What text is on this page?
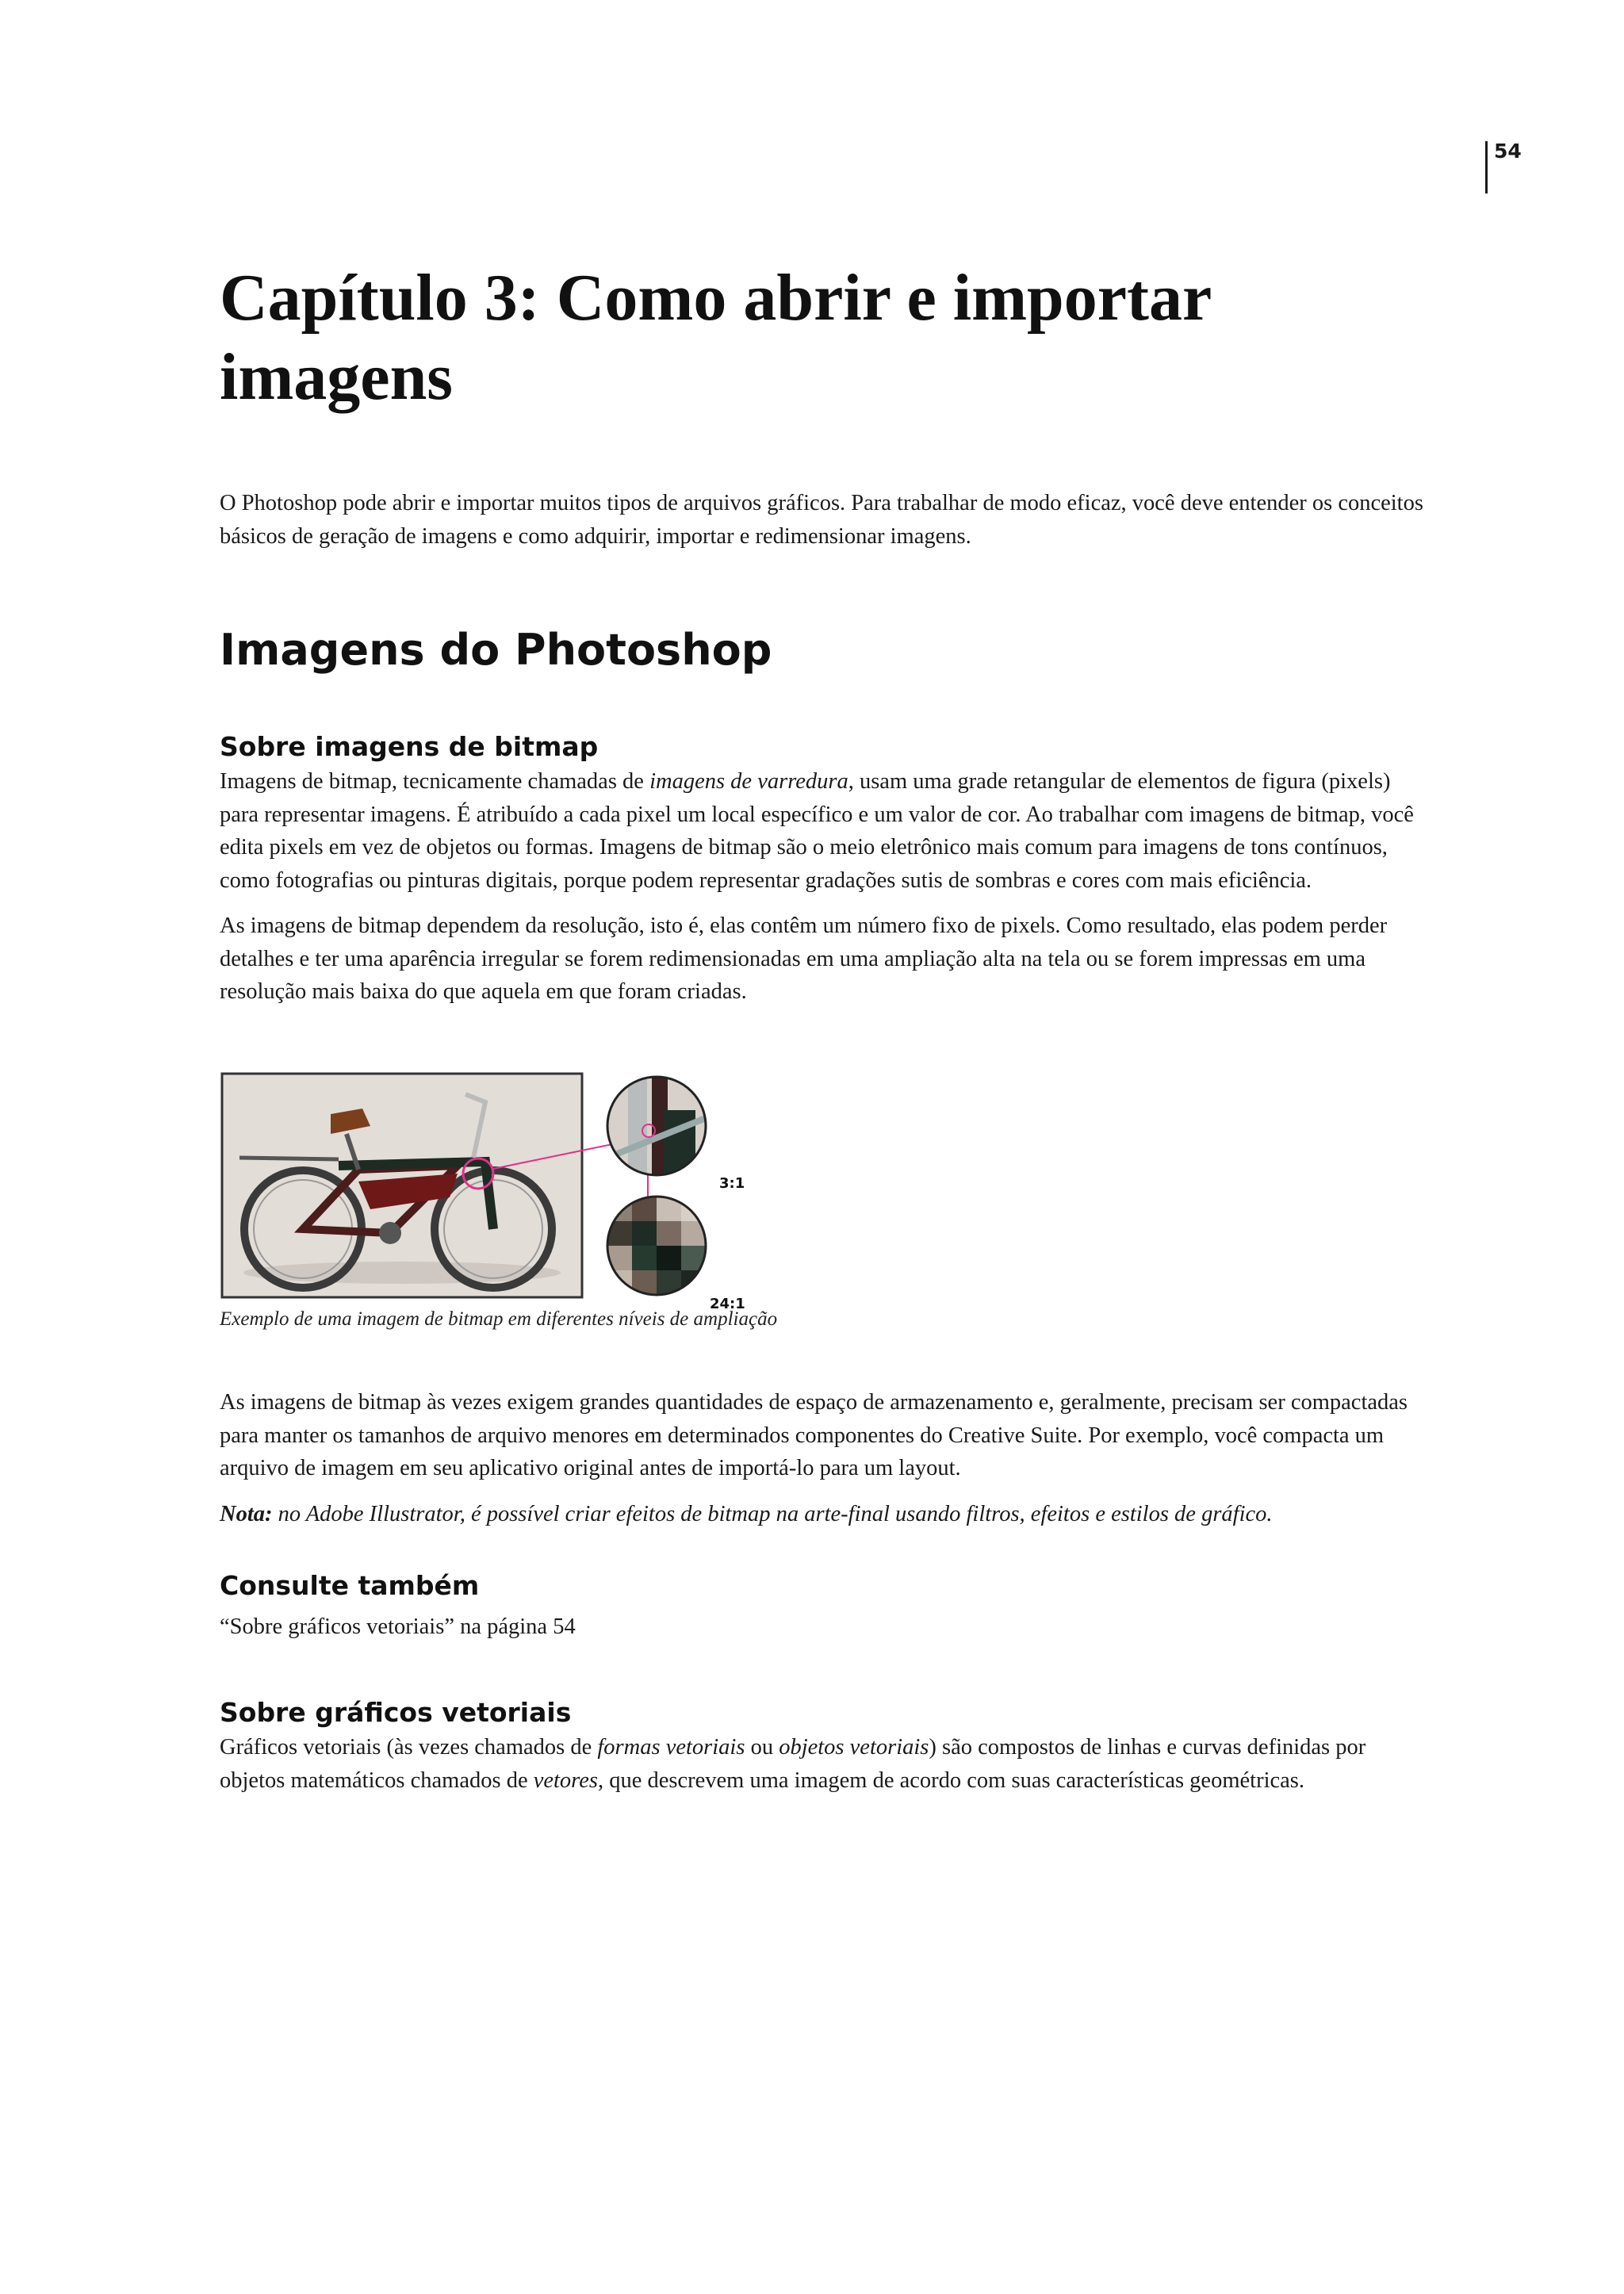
54
Capítulo 3: Como abrir e importar imagens

O Photoshop pode abrir e importar muitos tipos de arquivos gráficos. Para trabalhar de modo eficaz, você deve entender os conceitos básicos de geração de imagens e como adquirir, importar e redimensionar imagens.

Imagens do Photoshop
Sobre imagens de bitmap

Imagens de bitmap, tecnicamente chamadas de imagens de varredura, usam uma grade retangular de elementos de figura (pixels) para representar imagens. É atribuído a cada pixel um local específico e um valor de cor. Ao trabalhar com imagens de bitmap, você edita pixels em vez de objetos ou formas. Imagens de bitmap são o meio eletrônico mais comum para imagens de tons contínuos, como fotografias ou pinturas digitais, porque podem representar gradações sutis de sombras e cores com mais eficiência.

As imagens de bitmap dependem da resolução, isto é, elas contêm um número fixo de pixels. Como resultado, elas podem perder detalhes e ter uma aparência irregular se forem redimensionadas em uma ampliação alta na tela ou se forem impressas em uma resolução mais baixa do que aquela em que foram criadas.

3:1
24:1

Exemplo de uma imagem de bitmap em diferentes níveis de ampliação

As imagens de bitmap às vezes exigem grandes quantidades de espaço de armazenamento e, geralmente, precisam ser compactadas para manter os tamanhos de arquivo menores em determinados componentes do Creative Suite. Por exemplo, você compacta um arquivo de imagem em seu aplicativo original antes de importá-lo para um layout.

Nota: no Adobe Illustrator, é possível criar efeitos de bitmap na arte-final usando filtros, efeitos e estilos de gráfico.

Consulte também

“Sobre gráficos vetoriais” na página 54

Sobre gráficos vetoriais

Gráficos vetoriais (às vezes chamados de formas vetoriais ou objetos vetoriais) são compostos de linhas e curvas definidas por objetos matemáticos chamados de vetores, que descrevem uma imagem de acordo com suas características geométricas.
